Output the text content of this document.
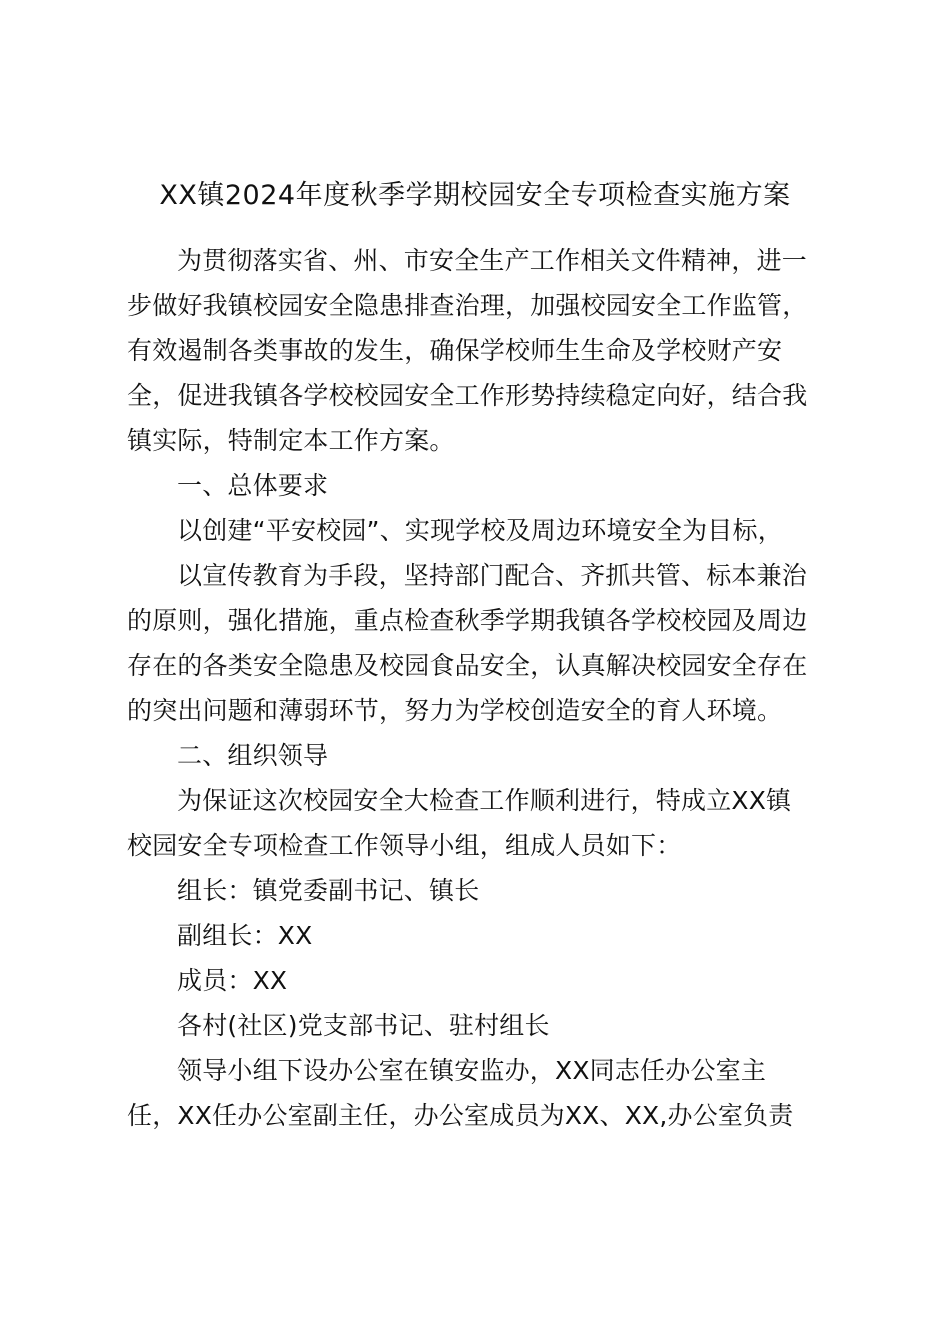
XX镇2024年度秋季学期校园安全专项检查实施方案
为贯彻落实省、州、市安全生产工作相关文件精神，进一
步做好我镇校园安全隐患排查治理，加强校园安全工作监管，
有效遏制各类事故的发生，确保学校师生生命及学校财产安
全，促进我镇各学校校园安全工作形势持续稳定向好，结合我
镇实际，特制定本工作方案。
一、总体要求
以创建“平安校园”、实现学校及周边环境安全为目标，
以宣传教育为手段，坚持部门配合、齐抓共管、标本兼治
的原则，强化措施，重点检查秋季学期我镇各学校校园及周边
存在的各类安全隐患及校园食品安全，认真解决校园安全存在
的突出问题和薄弱环节，努力为学校创造安全的育人环境。
二、组织领导
为保证这次校园安全大检查工作顺利进行，特成立XX镇
校园安全专项检查工作领导小组，组成人员如下：
组长：镇党委副书记、镇长
副组长：XX
成员：XX
各村(社区)党支部书记、驻村组长
领导小组下设办公室在镇安监办，XX同志任办公室主
任，XX任办公室副主任，办公室成员为XX、XX,办公室负责
